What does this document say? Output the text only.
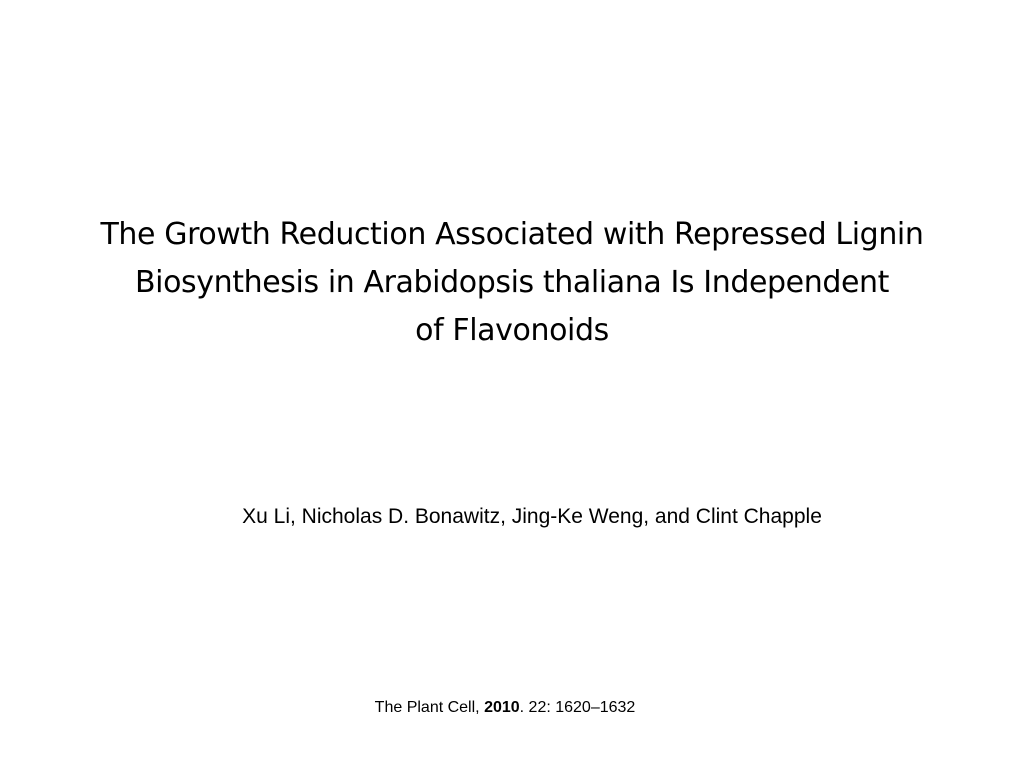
The Growth Reduction Associated with Repressed Lignin
Biosynthesis in Arabidopsis thaliana Is Independent
of Flavonoids
Xu Li, Nicholas D. Bonawitz, Jing-Ke Weng, and Clint Chapple
The Plant Cell, 2010. 22: 1620–1632
